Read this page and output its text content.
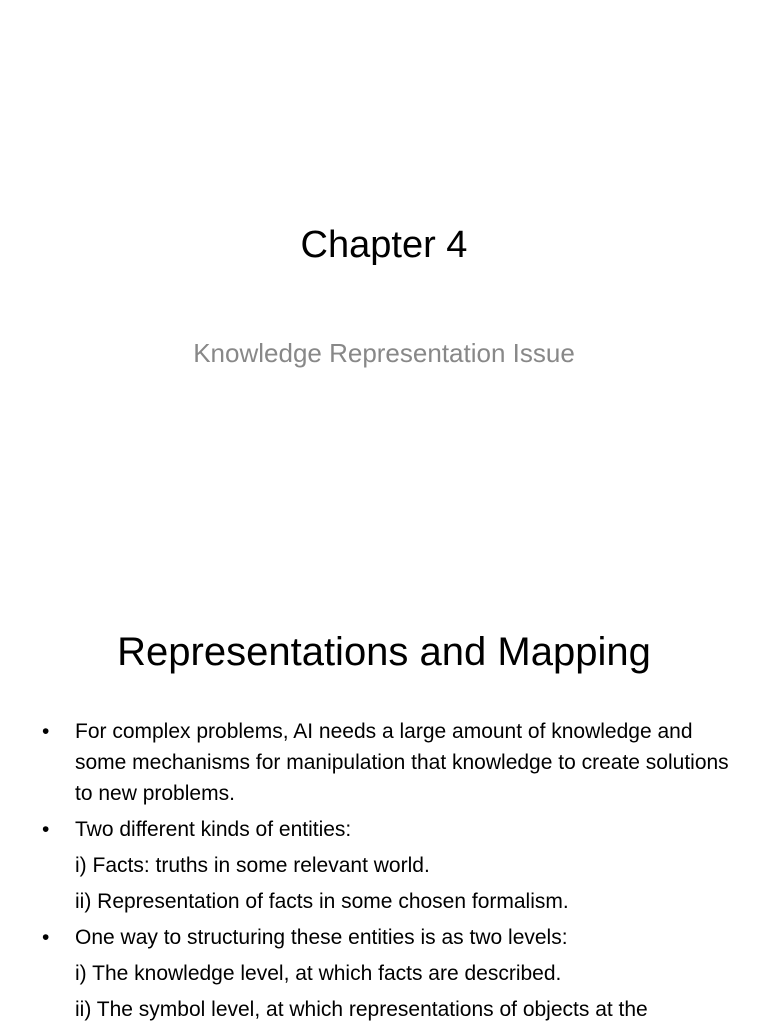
Chapter 4
Knowledge Representation Issue
Representations and Mapping
• For complex problems, AI needs a large amount of knowledge and some mechanisms for manipulation that knowledge to create solutions to new problems.
• Two different kinds of entities:
i) Facts: truths in some relevant world.
ii) Representation of facts in some chosen formalism.
• One way to structuring these entities is as two levels:
i) The knowledge level, at which facts are described.
ii) The symbol level, at which representations of objects at the
